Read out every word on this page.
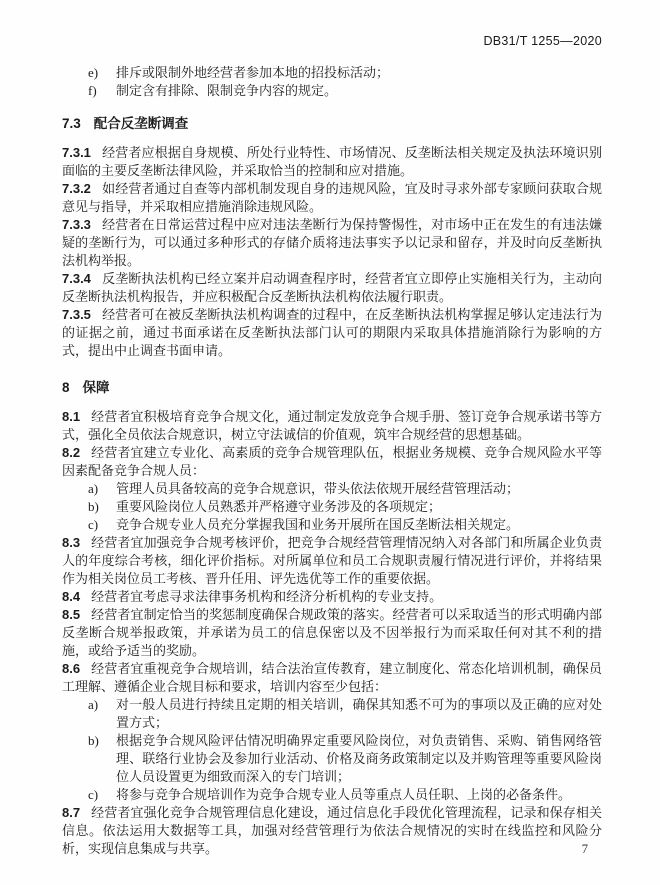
DB31/T 1255—2020
e)	排斥或限制外地经营者参加本地的招投标活动；
f)	制定含有排除、限制竞争内容的规定。
7.3 配合反垄断调查

7.3.1 经营者应根据自身规模、所处行业特性、市场情况、反垄断法相关规定及执法环境识别面临的主要反垄断法律风险，并采取恰当的控制和应对措施。

7.3.2 如经营者通过自查等内部机制发现自身的违规风险，宜及时寻求外部专家顾问获取合规意见与指导，并采取相应措施消除违规风险。

7.3.3 经营者在日常运营过程中应对违法垄断行为保持警惕性，对市场中正在发生的有违法嫌疑的垄断行为，可以通过多种形式的存储介质将违法事实予以记录和留存，并及时向反垄断执法机构举报。

7.3.4 反垄断执法机构已经立案并启动调查程序时，经营者宜立即停止实施相关行为，主动向反垄断执法机构报告，并应积极配合反垄断执法机构依法履行职责。

7.3.5 经营者可在被反垄断执法机构调查的过程中，在反垄断执法机构掌握足够认定违法行为的证据之前，通过书面承诺在反垄断执法部门认可的期限内采取具体措施消除行为影响的方式，提出中止调查书面申请。

8 保障

8.1 经营者宜积极培育竞争合规文化，通过制定发放竞争合规手册、签订竞争合规承诺书等方式，强化全员依法合规意识，树立守法诚信的价值观，筑牢合规经营的思想基础。

8.2 经营者宜建立专业化、高素质的竞争合规管理队伍，根据业务规模、竞争合规风险水平等因素配备竞争合规人员：

a)	管理人员具备较高的竞争合规意识，带头依法依规开展经营管理活动；
b)	重要风险岗位人员熟悉并严格遵守业务涉及的各项规定；
c)	竞争合规专业人员充分掌握我国和业务开展所在国反垄断法相关规定。

8.3 经营者宜加强竞争合规考核评价，把竞争合规经营管理情况纳入对各部门和所属企业负责人的年度综合考核，细化评价指标。对所属单位和员工合规职责履行情况进行评价，并将结果作为相关岗位员工考核、晋升任用、评先选优等工作的重要依据。

8.4 经营者宜考虑寻求法律事务机构和经济分析机构的专业支持。

8.5 经营者宜制定恰当的奖惩制度确保合规政策的落实。经营者可以采取适当的形式明确内部反垄断合规举报政策，并承诺为员工的信息保密以及不因举报行为而采取任何对其不利的措施，或给予适当的奖励。

8.6 经营者宜重视竞争合规培训，结合法治宣传教育，建立制度化、常态化培训机制，确保员工理解、遵循企业合规目标和要求，培训内容至少包括：

a)	对一般人员进行持续且定期的相关培训，确保其知悉不可为的事项以及正确的应对处置方式；
b)	根据竞争合规风险评估情况明确界定重要风险岗位，对负责销售、采购、销售网络管理、联络行业协会及参加行业活动、价格及商务政策制定以及并购管理等重要风险岗位人员设置更为细致而深入的专门培训；
c)	将参与竞争合规培训作为竞争合规专业人员等重点人员任职、上岗的必备条件。

8.7 经营者宜强化竞争合规管理信息化建设，通过信息化手段优化管理流程，记录和保存相关信息。依法运用大数据等工具，加强对经营管理行为依法合规情况的实时在线监控和风险分析，实现信息集成与共享。	7
